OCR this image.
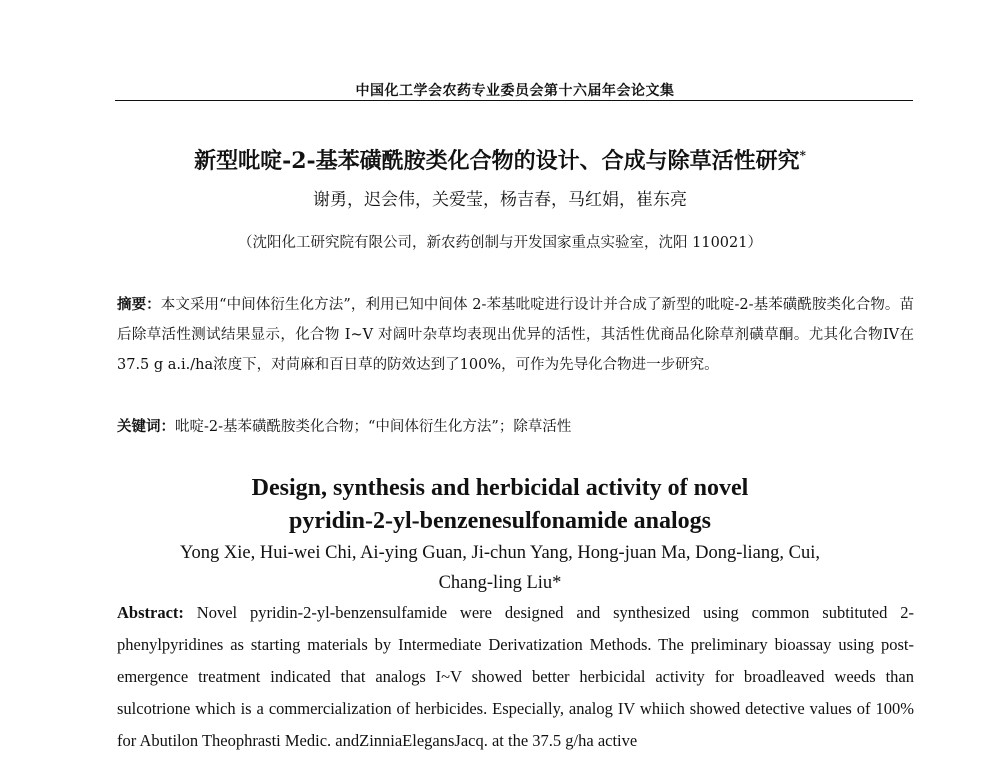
中国化工学会农药专业委员会第十六届年会论文集
新型吡啶-2-基苯磺酰胺类化合物的设计、合成与除草活性研究*
谢勇，迟会伟，关爱莹，杨吉春，马红娟，崔东亮
（沈阳化工研究院有限公司，新农药创制与开发国家重点实验室，沈阳 110021）
摘要：本文采用“中间体衍生化方法”，利用已知中间体 2-苯基吡啶进行设计并合成了新型的吡啶-2-基苯磺酰胺类化合物。苗后除草活性测试结果显示，化合物 I~V 对阔叶杂草均表现出优异的活性，其活性优商品化除草剂磺草酮。尤其化合物IV在37.5 g a.i./ha浓度下，对苘麻和百日草的防效达到了100%，可作为先导化合物进一步研究。
关键词：吡啶-2-基苯磺酰胺类化合物；“中间体衍生化方法”；除草活性
Design, synthesis and herbicidal activity of novel
pyridin-2-yl-benzenesulfonamide analogs
Yong Xie, Hui-wei Chi, Ai-ying Guan, Ji-chun Yang, Hong-juan Ma, Dong-liang, Cui,
Chang-ling Liu*
Abstract: Novel pyridin-2-yl-benzensulfamide were designed and synthesized using common subtituted 2-phenylpyridines as starting materials by Intermediate Derivatization Methods. The preliminary bioassay using post-emergence treatment indicated that analogs I~V showed better herbicidal activity for broadleaved weeds than sulcotrione which is a commercialization of herbicides. Especially, analog IV whiich showed detective values of 100% for Abutilon Theophrasti Medic. andZinniaElegansJacq. at the 37.5 g/ha active
